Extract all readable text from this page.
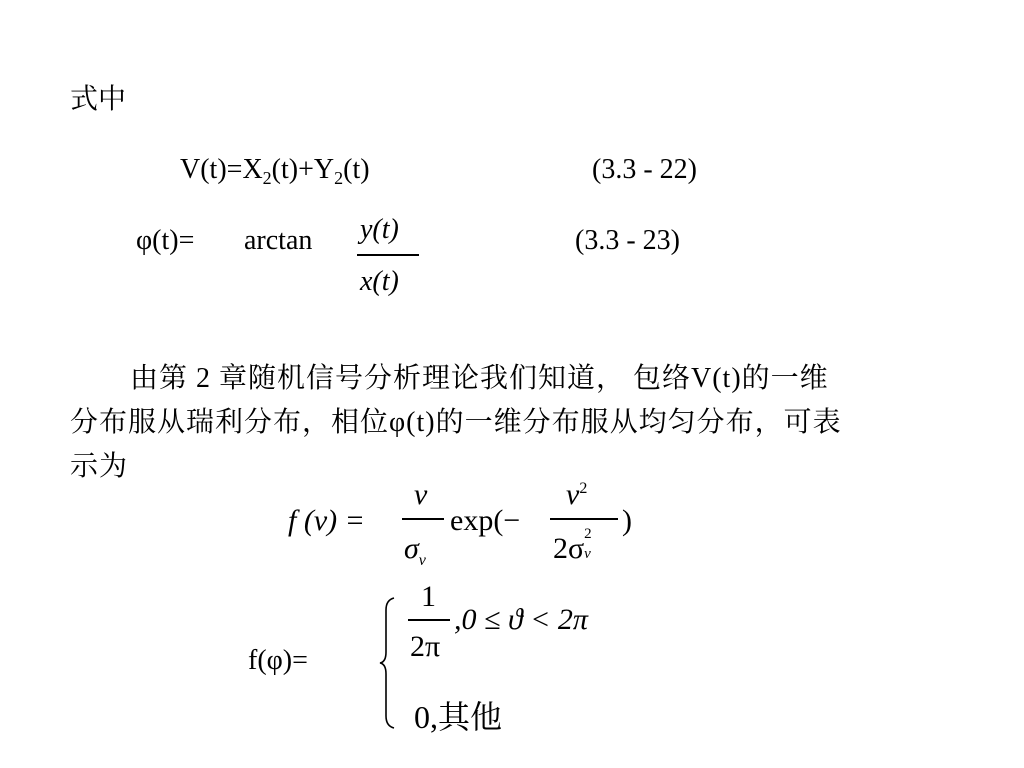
式中
$V(t)=X_2(t)+Y_2(t)$	(3.3 - 22)
φ(t)= arctan y(t)
x(t)
(3.3 - 23)
由第 2 章随机信号分析理论我们知道， 包络V(t)的一维
分布服从瑞利分布，相位φ(t)的一维分布服从均匀分布，可表
示为
f (v) =
v
$\sigma_v$
exp(−
$v^2$
2σ 2
v
)
f(φ)=
1
2π
,0 ≤ ϑ < 2π
0,其他
